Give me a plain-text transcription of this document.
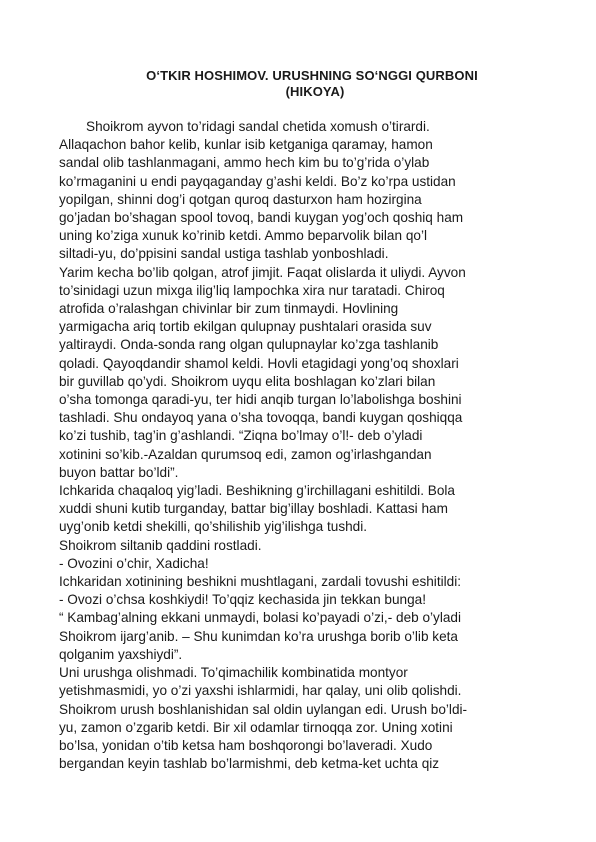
O‘TKIR HOSHIMOV. URUSHNING SO‘NGGI QURBONI
(HIKOYA)

Shoikrom ayvon to’ridagi sandal chetida xomush o’tirardi.

Allaqachon bahor kelib, kunlar isib ketganiga qaramay, hamon

sandal olib tashlanmagani, ammo hech kim bu to’g’rida o’ylab

ko’rmaganini u endi payqaganday g’ashi keldi. Bo’z ko’rpa ustidan

yopilgan, shinni dog’i qotgan quroq dasturxon ham hozirgina

go’jadan bo’shagan spool tovoq, bandi kuygan yog’och qoshiq ham

uning ko’ziga xunuk ko’rinib ketdi. Ammo beparvolik bilan qo’l

siltadi-yu, do’ppisini sandal ustiga tashlab yonboshladi.

Yarim kecha bo’lib qolgan, atrof jimjit. Faqat olislarda it uliydi. Ayvon

to’sinidagi uzun mixga ilig’liq lampochka xira nur taratadi. Chiroq

atrofida o’ralashgan chivinlar bir zum tinmaydi. Hovlining

yarmigacha ariq tortib ekilgan qulupnay pushtalari orasida suv

yaltiraydi. Onda-sonda rang olgan qulupnaylar ko’zga tashlanib

qoladi. Qayoqdandir shamol keldi. Hovli etagidagi yong’oq shoxlari

bir guvillab qo’ydi. Shoikrom uyqu elita boshlagan ko’zlari bilan

o’sha tomonga qaradi-yu, ter hidi anqib turgan lo’labolishga boshini

tashladi. Shu ondayoq yana o’sha tovoqqa, bandi kuygan qoshiqqa

ko’zi tushib, tag’in g’ashlandi. “Ziqna bo’lmay o’l!- deb o’yladi

xotinini so’kib.-Azaldan qurumsoq edi, zamon og’irlashgandan

buyon battar bo’ldi”.

Ichkarida chaqaloq yig’ladi. Beshikning g’irchillagani eshitildi. Bola

xuddi shuni kutib turganday, battar big’illay boshladi. Kattasi ham

uyg’onib ketdi shekilli, qo’shilishib yig’ilishga tushdi.

Shoikrom siltanib qaddini rostladi.

- Ovozini o’chir, Xadicha!

Ichkaridan xotinining beshikni mushtlagani, zardali tovushi eshitildi:

- Ovozi o’chsa koshkiydi! To’qqiz kechasida jin tekkan bunga!

“ Kambag’alning ekkani unmaydi, bolasi ko’payadi o’zi,- deb o’yladi

Shoikrom ijarg’anib. – Shu kunimdan ko’ra urushga borib o’lib keta

qolganim yaxshiydi”.

Uni urushga olishmadi. To’qimachilik kombinatida montyor

yetishmasmidi, yo o’zi yaxshi ishlarmidi, har qalay, uni olib qolishdi.

Shoikrom urush boshlanishidan sal oldin uylangan edi. Urush bo’ldi-

yu, zamon o’zgarib ketdi. Bir xil odamlar tirnoqqa zor. Uning xotini

bo’lsa, yonidan o’tib ketsa ham boshqorongi bo’laveradi. Xudo

bergandan keyin tashlab bo’larmishmi, deb ketma-ket uchta qiz
